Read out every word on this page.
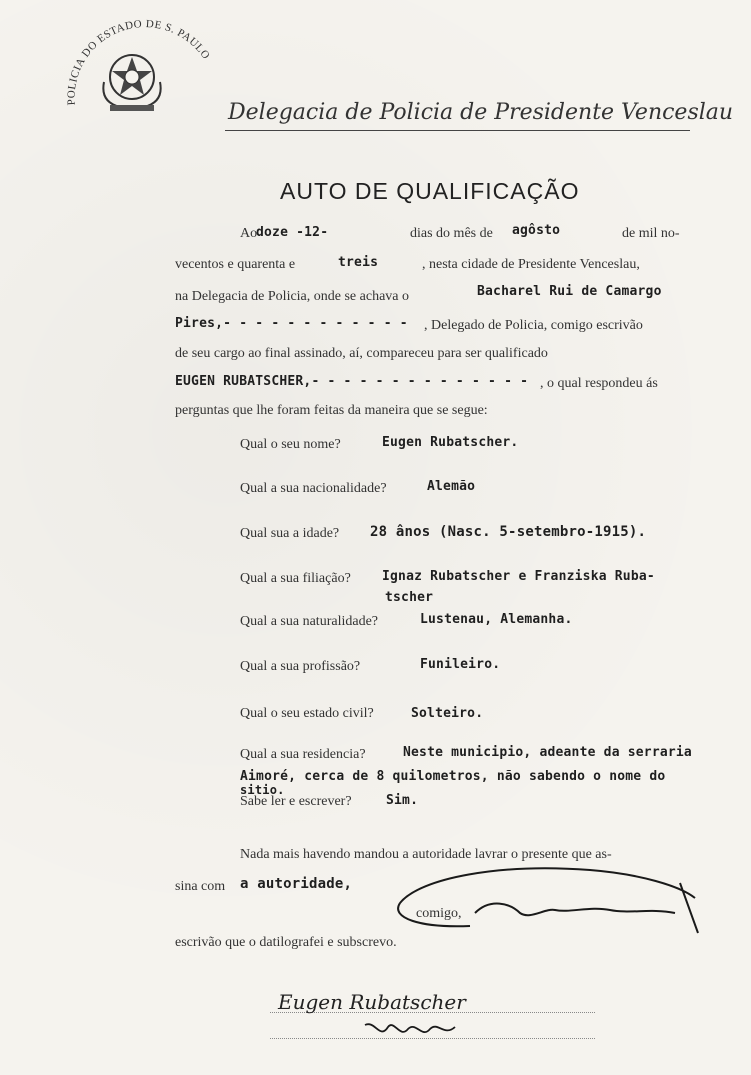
POLICIA DO ESTADO DE S. PAULO
Delegacia de Policia de Presidente Venceslau
AUTO DE QUALIFICAÇÃO
Ao
doze -12-	dias do mês de agôsto	de mil no-
vecentos e quarenta e	treis	, nesta cidade de Presidente Venceslau,
na Delegacia de Policia, onde se achava o	Bacharel Rui de Camargo
Pires,- - - - - - - - - - - - , Delegado de Policia, comigo escrivão
de seu cargo ao final assinado, aí, compareceu para ser qualificado
EUGEN RUBATSCHER,- - - - - - - - - - - - - - , o qual respondeu ás
perguntas que lhe foram feitas da maneira que se segue:
Qual o seu nome?	Eugen Rubatscher.
Qual a sua nacionalidade?	Alemão
Qual sua a idade? 28 ânos (Nasc. 5-setembro-1915).
Qual a sua filiação? Ignaz Rubatscher e Franziska Ruba-
tscher
Qual a sua naturalidade?	Lustenau, Alemanha.
Qual a sua profissão?	Funileiro.
Qual o seu estado civil?	Solteiro.
Qual a sua residencia?	Neste municipio, adeante da serraria
Aimoré, cerca de 8 quilometros, não sabendo o nome do
sitio.
Sabe ler e escrever?	Sim.
Nada mais havendo mandou a autoridade lavrar o presente que as-
sina com a autoridade,
comigo,
escrivão que o datilografei e subscrevo.
Eugen Rubatscher
